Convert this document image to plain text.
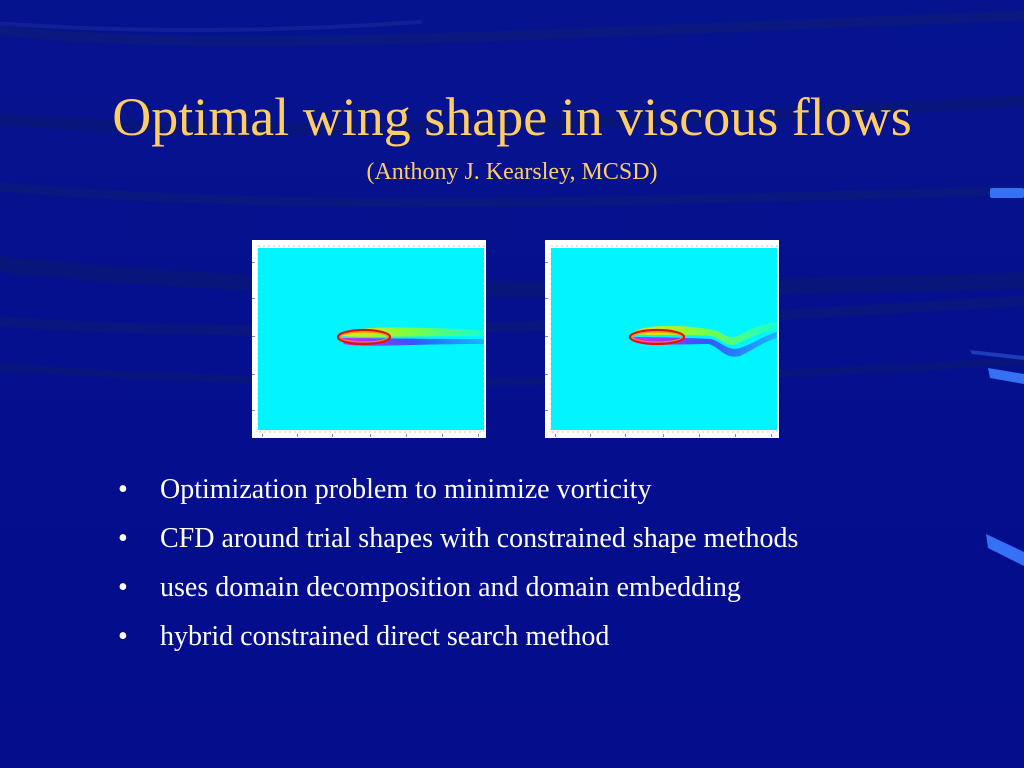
Optimal wing shape in viscous flows
(Anthony J. Kearsley, MCSD)
• Optimization problem to minimize vorticity
• CFD around trial shapes with constrained shape methods
• uses domain decomposition and domain embedding
• hybrid constrained direct search method
